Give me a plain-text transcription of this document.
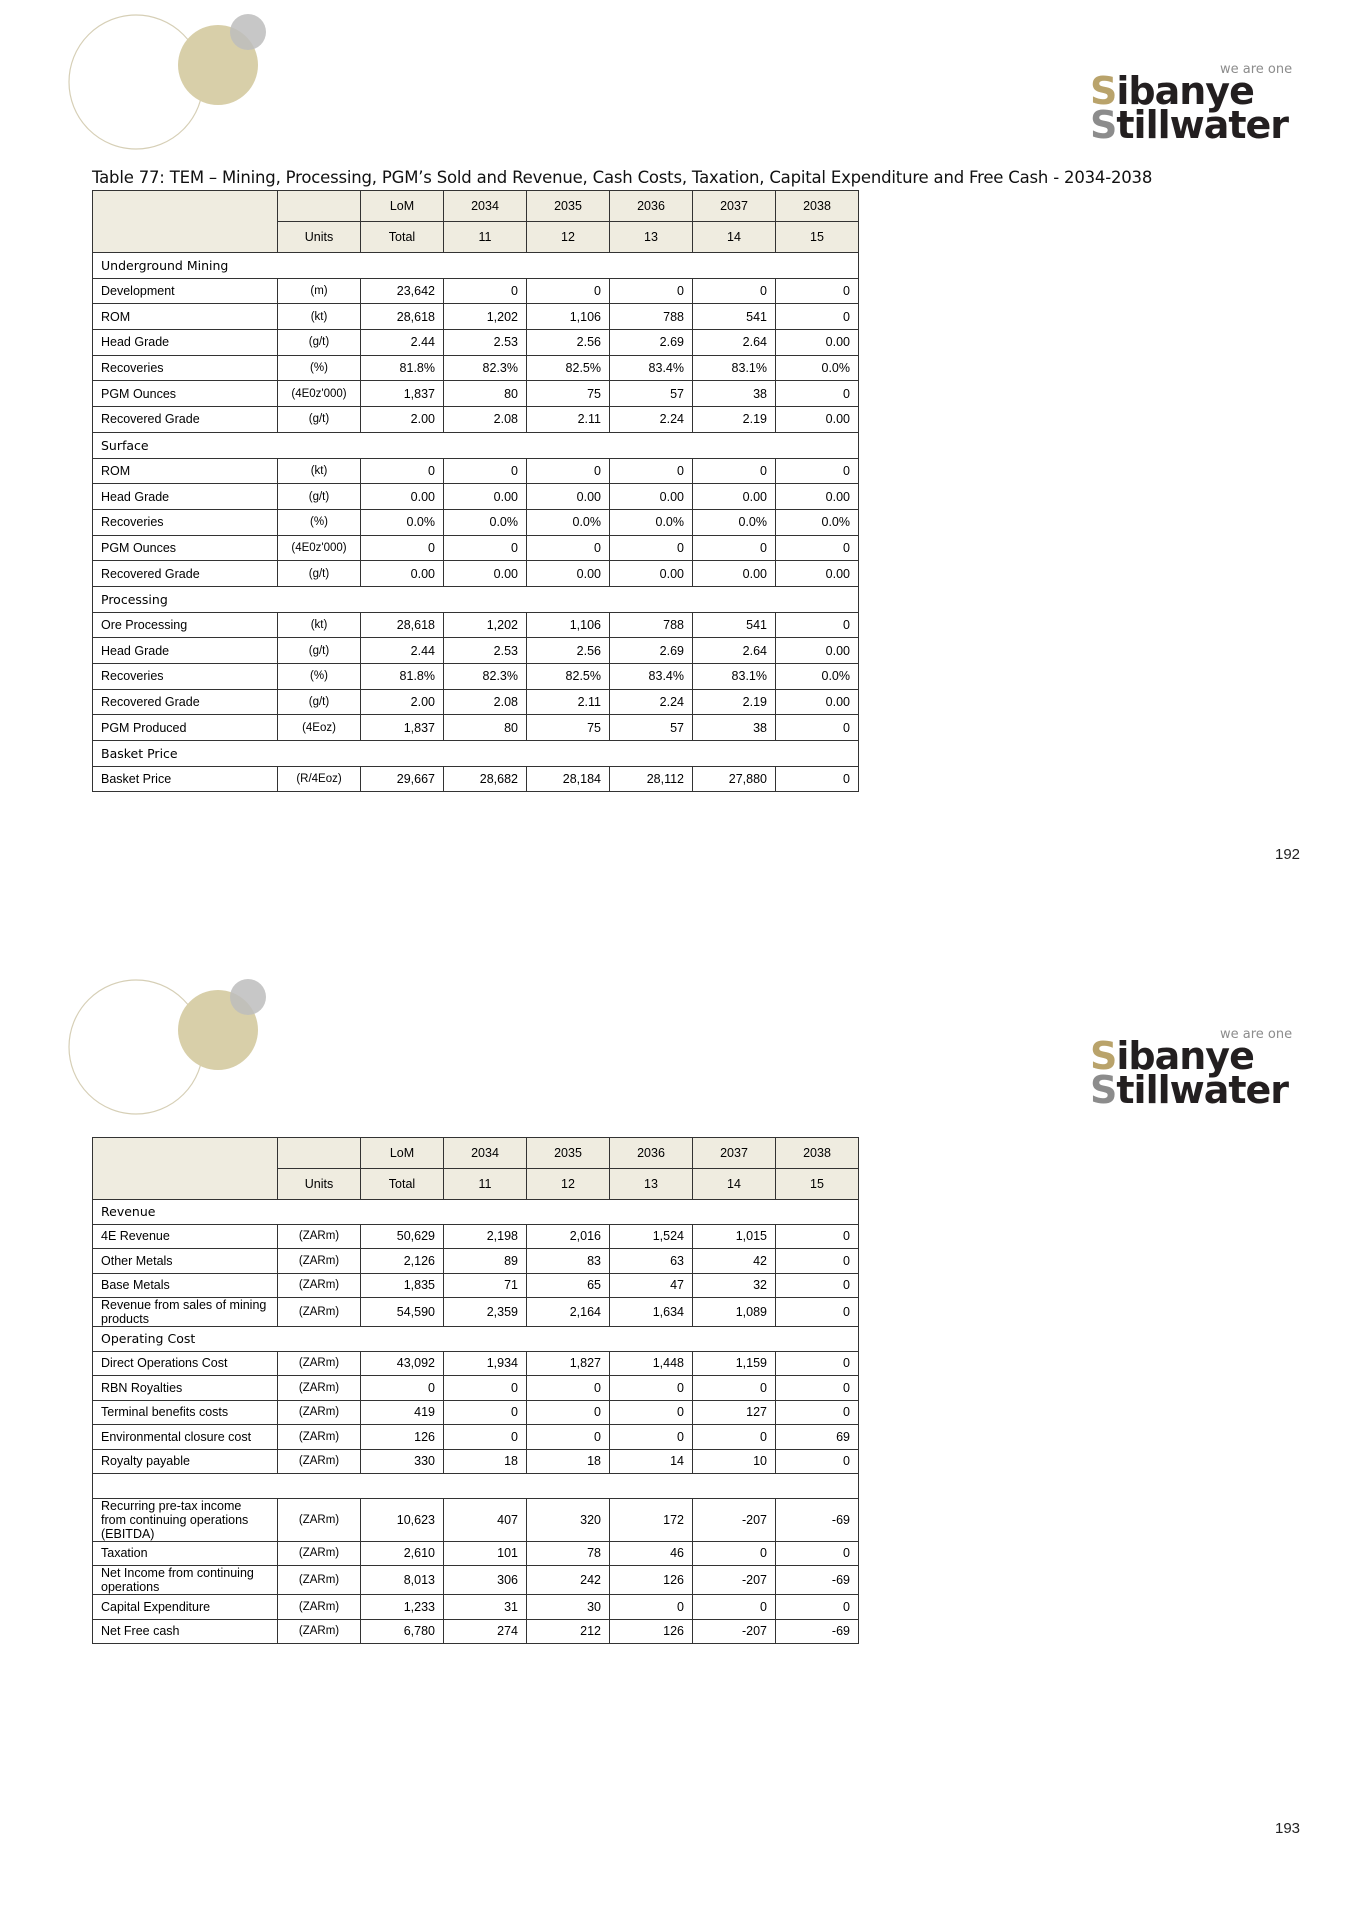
we are one
Sibanye
Stillwater
Table 77: TEM – Mining, Processing, PGM’s Sold and Revenue, Cash Costs, Taxation, Capital Expenditure and Free Cash - 2034-2038
		LoM	2034	2035	2036	2037	2038
	Units	Total	11	12	13	14	15
Underground Mining							
Development	(m)	23,642	0	0	0	0	0
ROM	(kt)	28,618	1,202	1,106	788	541	0
Head Grade	(g/t)	2.44	2.53	2.56	2.69	2.64	0.00
Recoveries	(%)	81.8%	82.3%	82.5%	83.4%	83.1%	0.0%
PGM Ounces	(4E0z'000)	1,837	80	75	57	38	0
Recovered Grade	(g/t)	2.00	2.08	2.11	2.24	2.19	0.00
Surface							
ROM	(kt)	0	0	0	0	0	0
Head Grade	(g/t)	0.00	0.00	0.00	0.00	0.00	0.00
Recoveries	(%)	0.0%	0.0%	0.0%	0.0%	0.0%	0.0%
PGM Ounces	(4E0z'000)	0	0	0	0	0	0
Recovered Grade	(g/t)	0.00	0.00	0.00	0.00	0.00	0.00
Processing							
Ore Processing	(kt)	28,618	1,202	1,106	788	541	0
Head Grade	(g/t)	2.44	2.53	2.56	2.69	2.64	0.00
Recoveries	(%)	81.8%	82.3%	82.5%	83.4%	83.1%	0.0%
Recovered Grade	(g/t)	2.00	2.08	2.11	2.24	2.19	0.00
PGM Produced	(4Eoz)	1,837	80	75	57	38	0
Basket Price							
Basket Price	(R/4Eoz)	29,667	28,682	28,184	28,112	27,880	0
192
we are one
Sibanye
Stillwater
		LoM	2034	2035	2036	2037	2038
	Units	Total	11	12	13	14	15
Revenue							
4E Revenue	(ZARm)	50,629	2,198	2,016	1,524	1,015	0
Other Metals	(ZARm)	2,126	89	83	63	42	0
Base Metals	(ZARm)	1,835	71	65	47	32	0
Revenue from sales of mining products	(ZARm)	54,590	2,359	2,164	1,634	1,089	0
Operating Cost							
Direct Operations Cost	(ZARm)	43,092	1,934	1,827	1,448	1,159	0
RBN Royalties	(ZARm)	0	0	0	0	0	0
Terminal benefits costs	(ZARm)	419	0	0	0	127	0
Environmental closure cost	(ZARm)	126	0	0	0	0	69
Royalty payable	(ZARm)	330	18	18	14	10	0

Recurring pre-tax income from continuing operations (EBITDA)	(ZARm)	10,623	407	320	172	-207	-69
Taxation	(ZARm)	2,610	101	78	46	0	0
Net Income from continuing operations	(ZARm)	8,013	306	242	126	-207	-69
Capital Expenditure	(ZARm)	1,233	31	30	0	0	0
Net Free cash	(ZARm)	6,780	274	212	126	-207	-69
193
